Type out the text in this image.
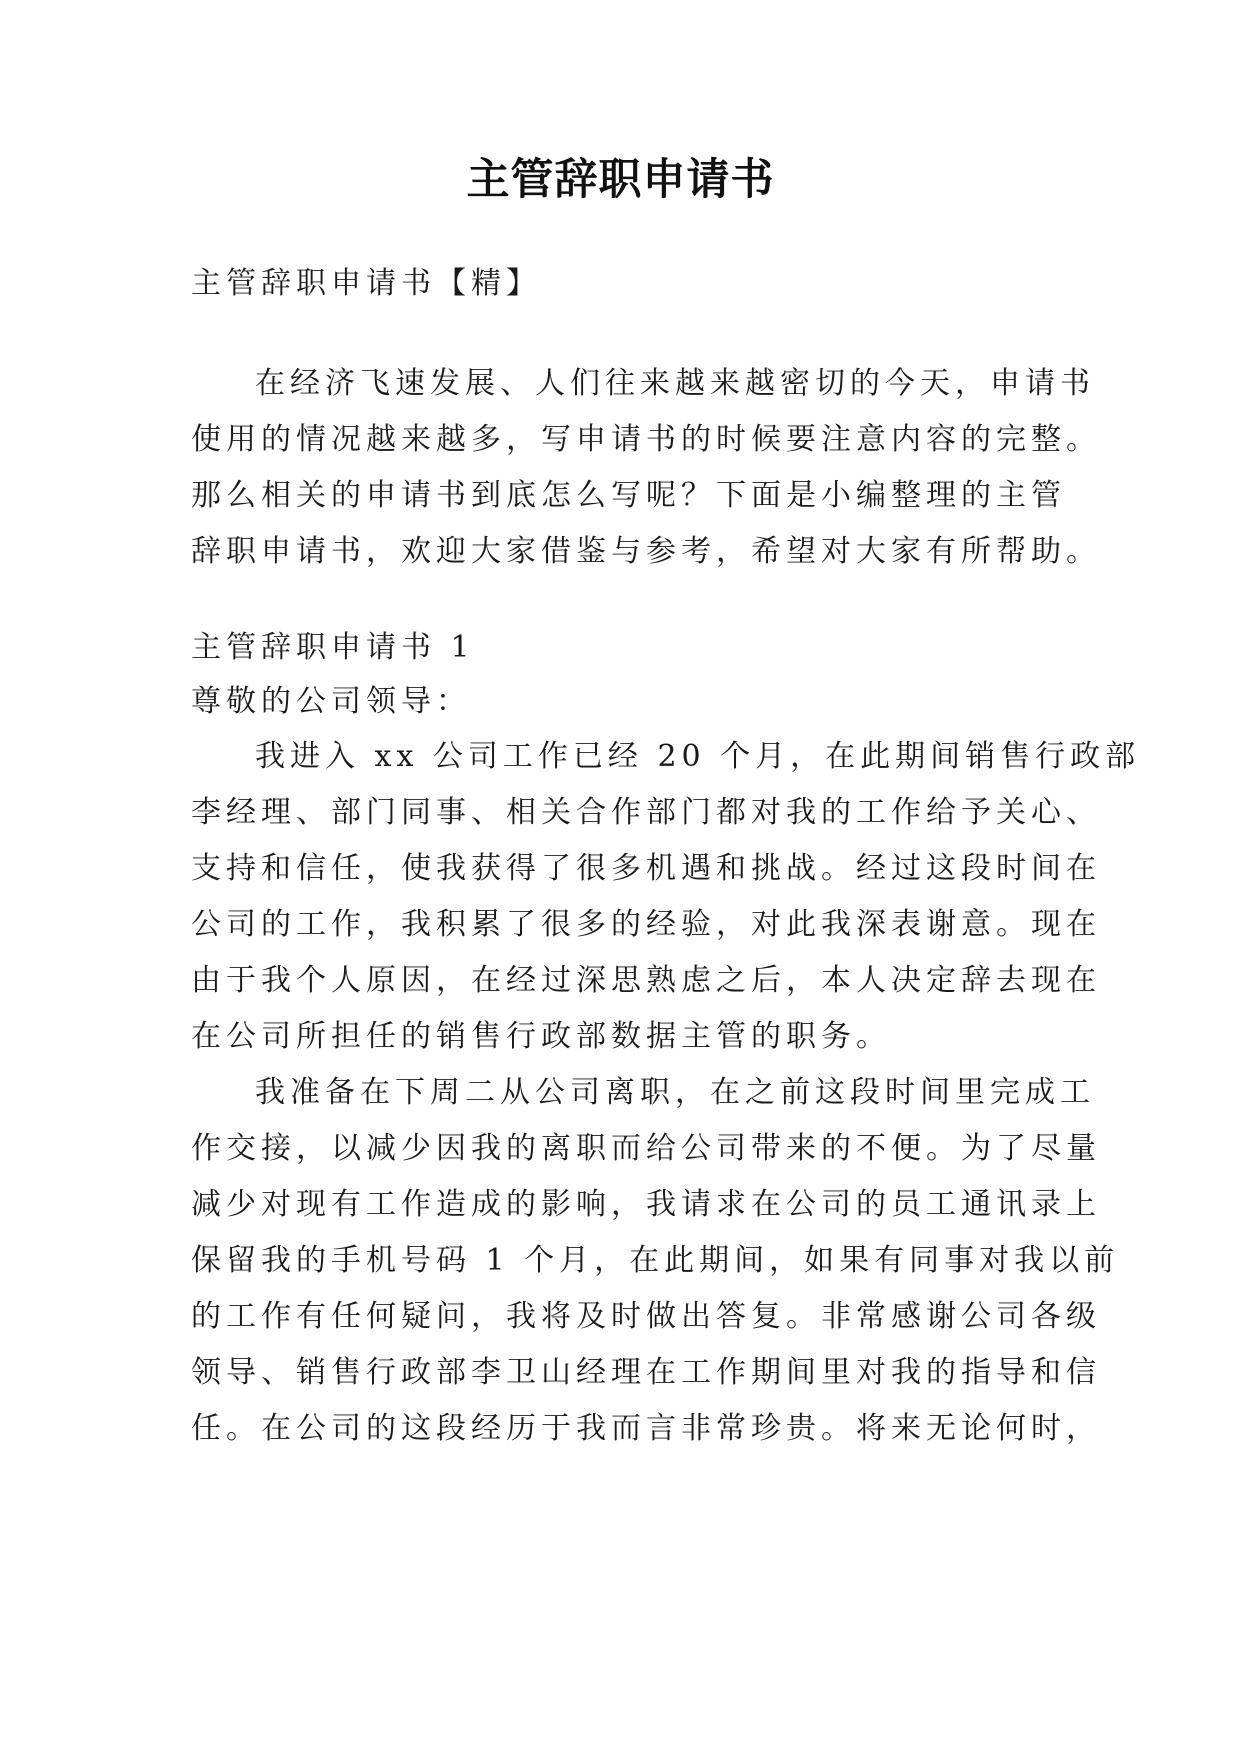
主管辞职申请书
主管辞职申请书【精】
在经济飞速发展、人们往来越来越密切的今天，申请书
使用的情况越来越多，写申请书的时候要注意内容的完整。
那么相关的申请书到底怎么写呢？下面是小编整理的主管
辞职申请书，欢迎大家借鉴与参考，希望对大家有所帮助。
主管辞职申请书 1
尊敬的公司领导：
我进入 xx 公司工作已经 20 个月，在此期间销售行政部
李经理、部门同事、相关合作部门都对我的工作给予关心、
支持和信任，使我获得了很多机遇和挑战。经过这段时间在
公司的工作，我积累了很多的经验，对此我深表谢意。现在
由于我个人原因，在经过深思熟虑之后，本人决定辞去现在
在公司所担任的销售行政部数据主管的职务。
我准备在下周二从公司离职，在之前这段时间里完成工
作交接，以减少因我的离职而给公司带来的不便。为了尽量
减少对现有工作造成的影响，我请求在公司的员工通讯录上
保留我的手机号码 1 个月，在此期间，如果有同事对我以前
的工作有任何疑问，我将及时做出答复。非常感谢公司各级
领导、销售行政部李卫山经理在工作期间里对我的指导和信
任。在公司的这段经历于我而言非常珍贵。将来无论何时，
